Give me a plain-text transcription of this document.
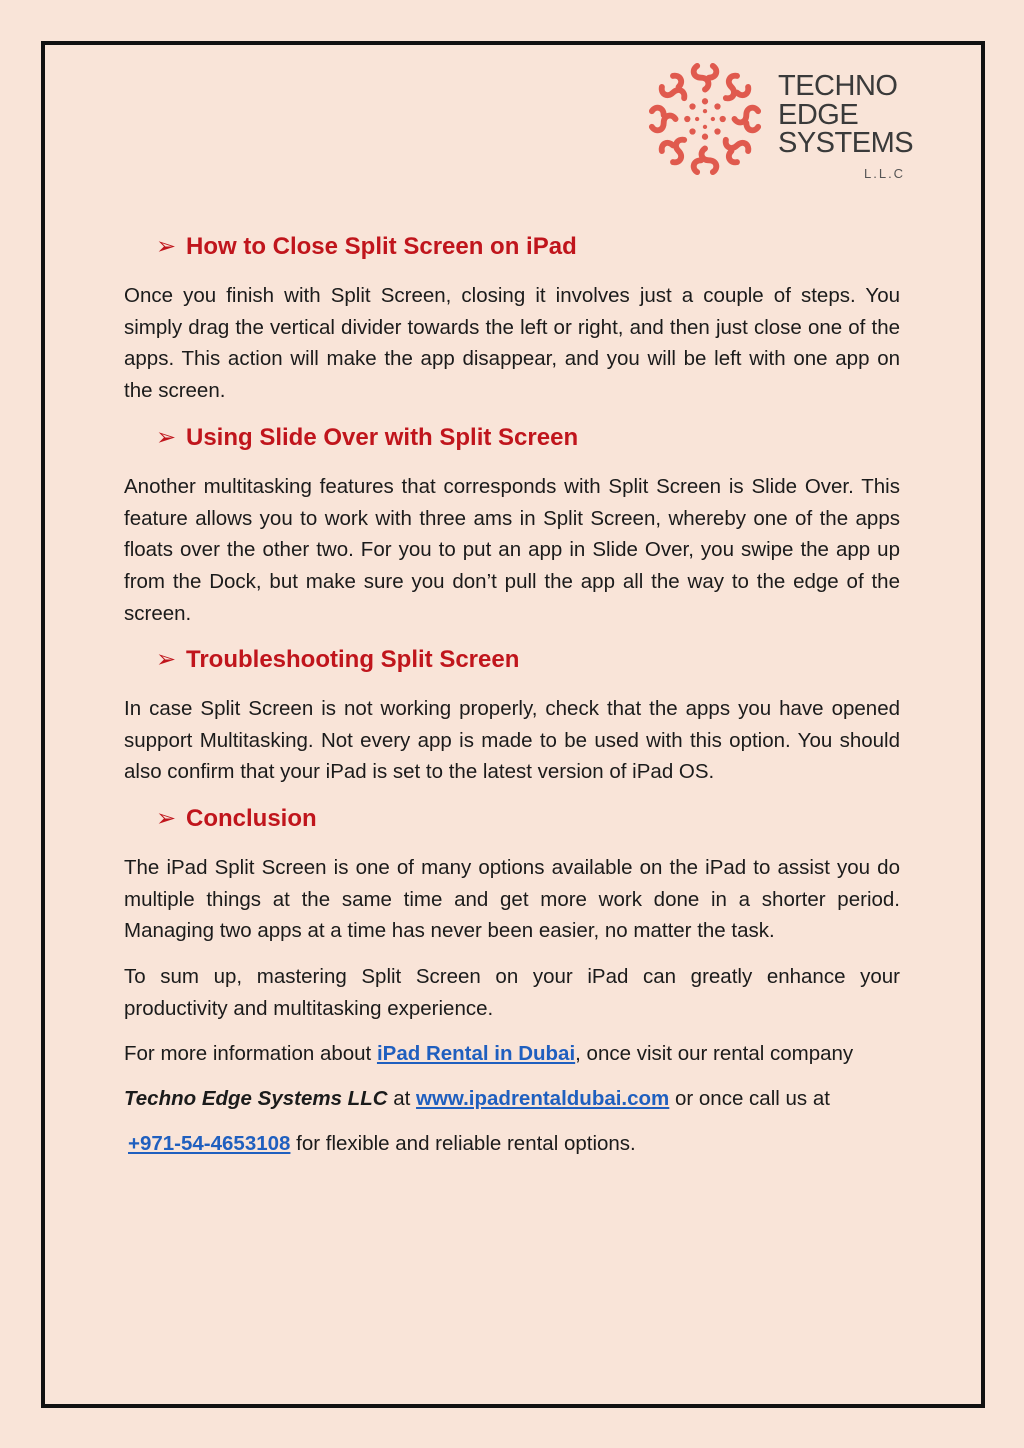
TECHNO
EDGE
SYSTEMS
L.L.C
➢ How to Close Split Screen on iPad
Once you finish with Split Screen, closing it involves just a couple of steps. You simply drag the vertical divider towards the left or right, and then just close one of the apps. This action will make the app disappear, and you will be left with one app on the screen.
➢ Using Slide Over with Split Screen
Another multitasking features that corresponds with Split Screen is Slide Over. This feature allows you to work with three ams in Split Screen, whereby one of the apps floats over the other two. For you to put an app in Slide Over, you swipe the app up from the Dock, but make sure you don’t pull the app all the way to the edge of the screen.
➢ Troubleshooting Split Screen
In case Split Screen is not working properly, check that the apps you have opened support Multitasking. Not every app is made to be used with this option. You should also confirm that your iPad is set to the latest version of iPad OS.
➢ Conclusion
The iPad Split Screen is one of many options available on the iPad to assist you do multiple things at the same time and get more work done in a shorter period. Managing two apps at a time has never been easier, no matter the task.
To sum up, mastering Split Screen on your iPad can greatly enhance your productivity and multitasking experience.
For more information about iPad Rental in Dubai, once visit our rental company
Techno Edge Systems LLC at www.ipadrentaldubai.com or once call us at
+971-54-4653108 for flexible and reliable rental options.
